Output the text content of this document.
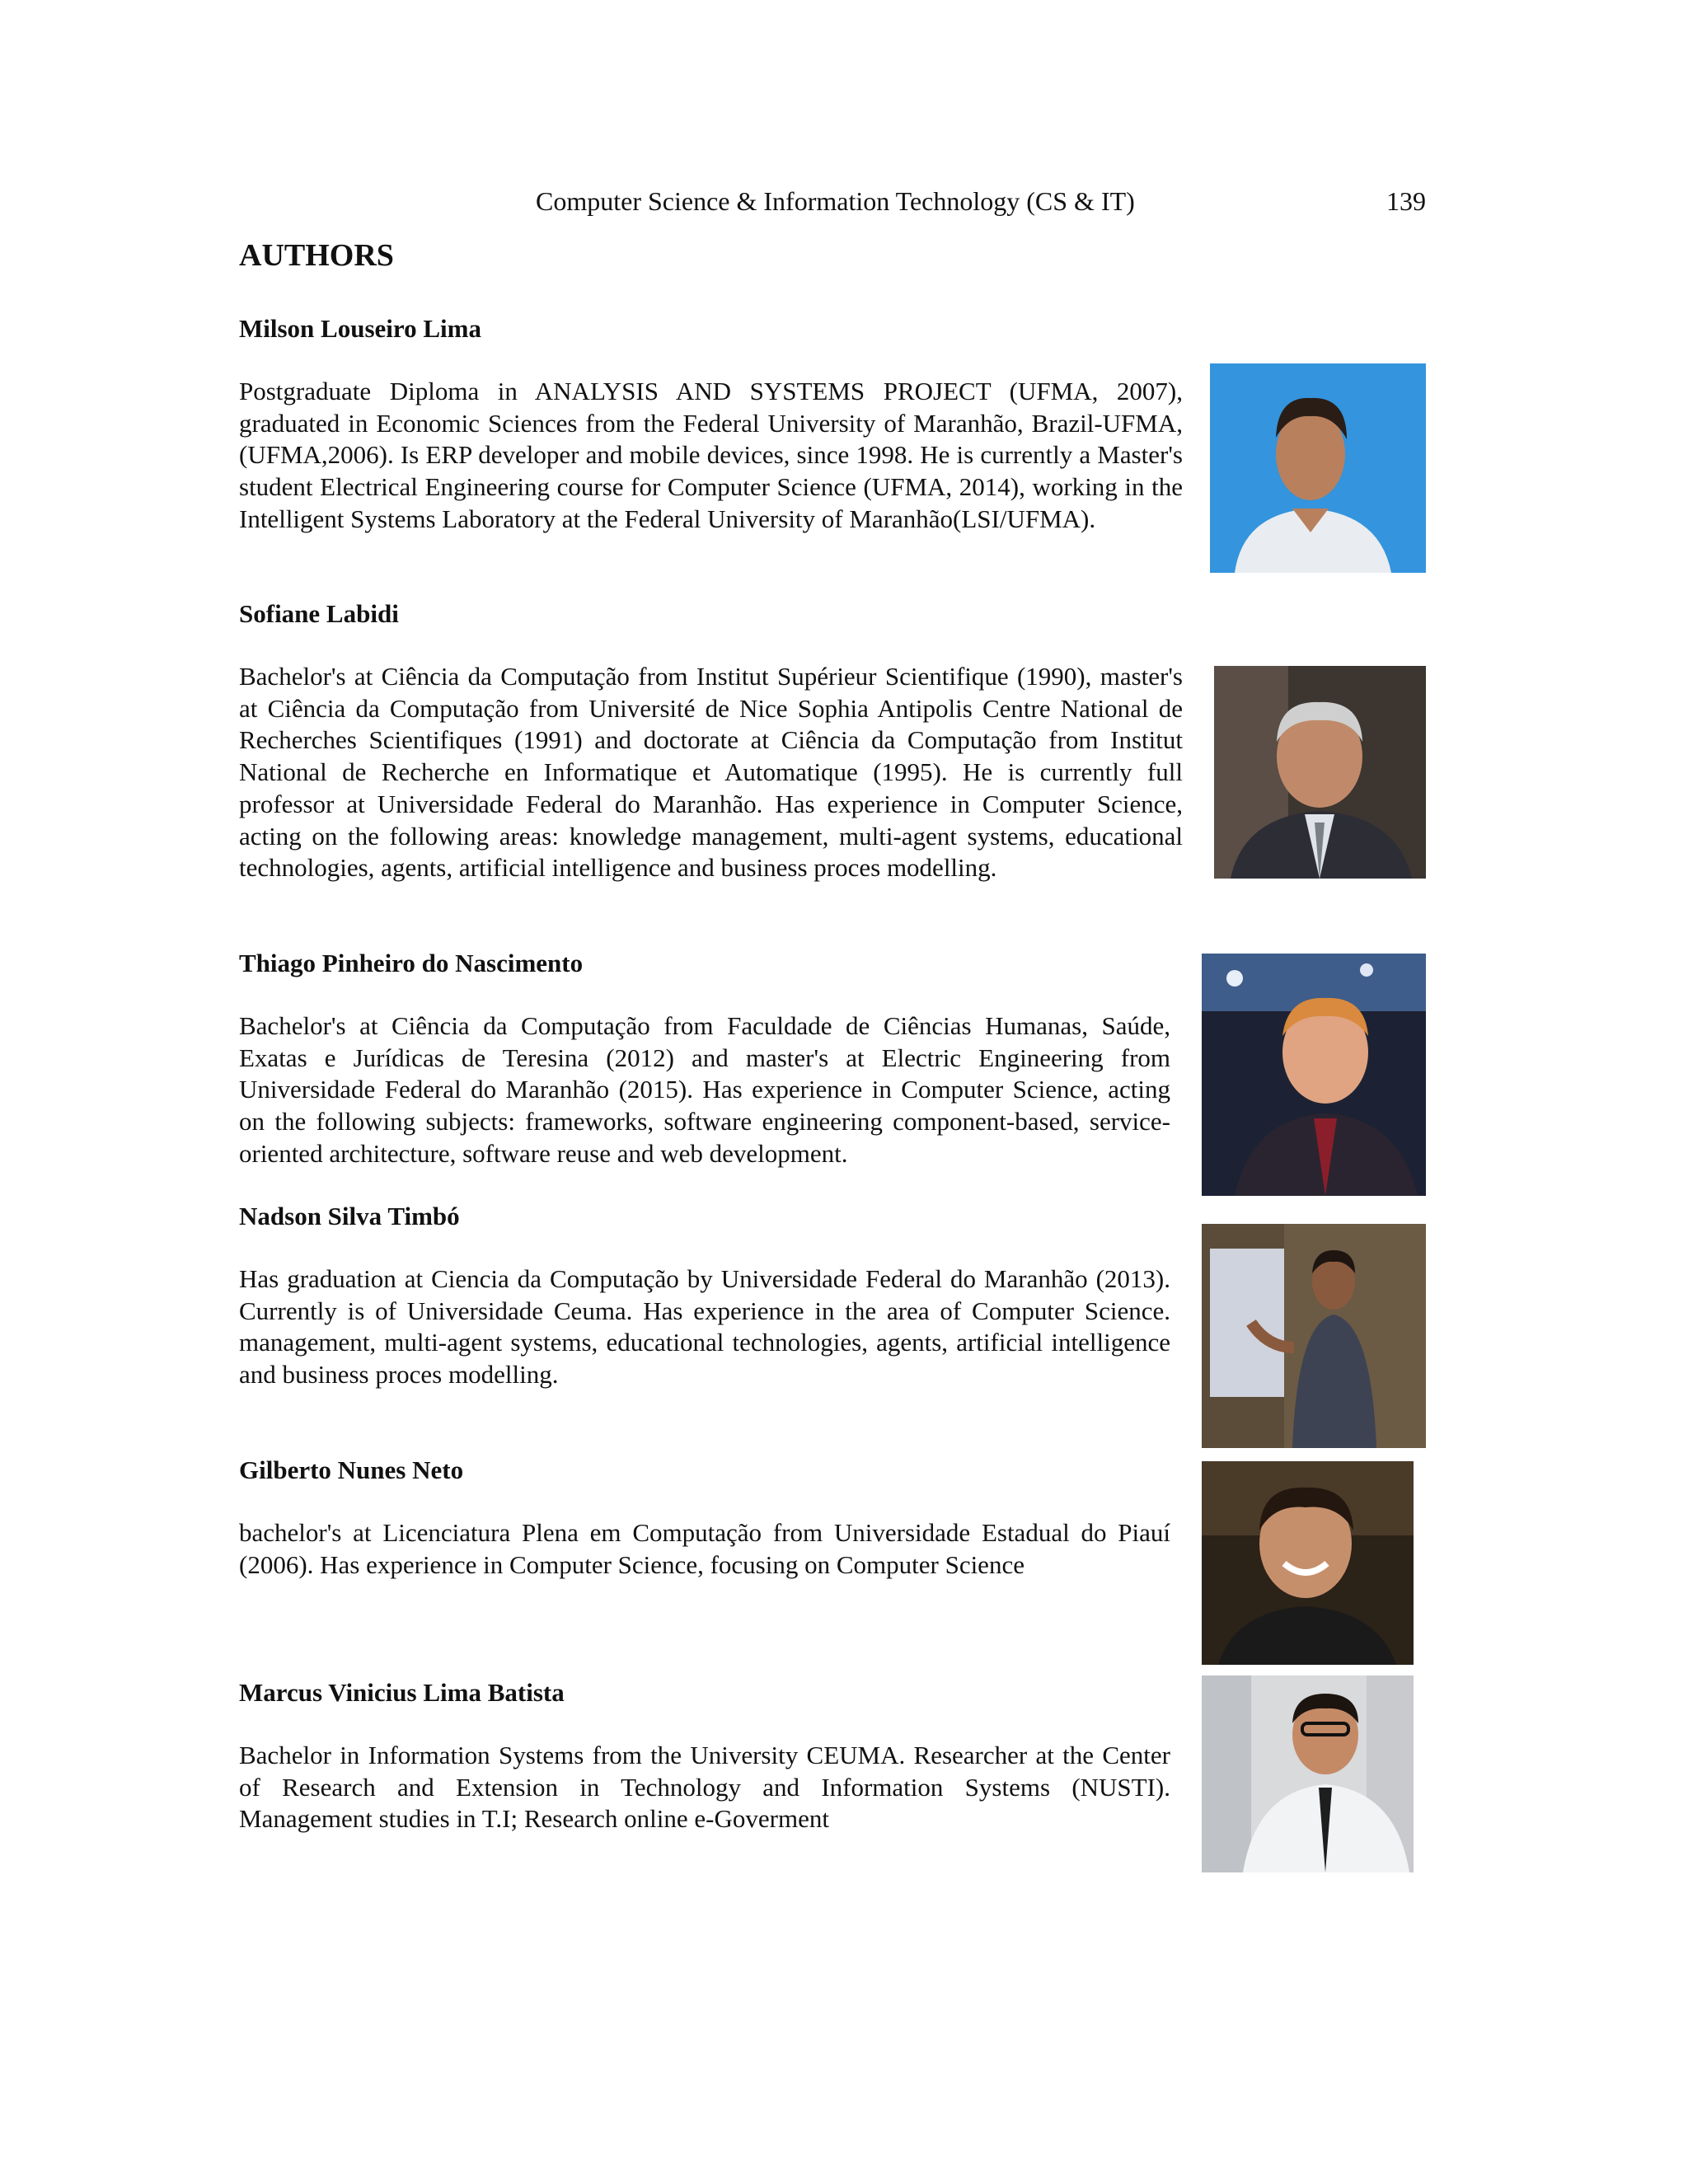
Computer Science & Information Technology (CS & IT)	139
AUTHORS

Milson Louseiro Lima

Postgraduate Diploma in ANALYSIS AND SYSTEMS PROJECT (UFMA, 2007), graduated in Economic Sciences from the Federal University of Maranhão, Brazil-UFMA, (UFMA,2006). Is ERP developer and mobile devices, since 1998. He is currently a Master's student Electrical Engineering course for Computer Science (UFMA, 2014), working in the Intelligent Systems Laboratory at the Federal University of Maranhão(LSI/UFMA).

Sofiane Labidi

Bachelor's at Ciência da Computação from Institut Supérieur Scientifique (1990), master's at Ciência da Computação from Université de Nice Sophia Antipolis Centre National de Recherches Scientifiques (1991) and doctorate at Ciência da Computação from Institut National de Recherche en Informatique et Automatique (1995). He is currently full professor at Universidade Federal do Maranhão. Has experience in Computer Science, acting on the following areas: knowledge management, multi-agent systems, educational technologies, agents, artificial intelligence and business proces modelling.

Thiago Pinheiro do Nascimento

Bachelor's at Ciência da Computação from Faculdade de Ciências Humanas, Saúde, Exatas e Jurídicas de Teresina (2012) and master's at Electric Engineering from Universidade Federal do Maranhão (2015). Has experience in Computer Science, acting on the following subjects: frameworks, software engineering component-based, service-oriented architecture, software reuse and web development.

Nadson Silva Timbó

Has graduation at Ciencia da Computação by Universidade Federal do Maranhão (2013). Currently is of Universidade Ceuma. Has experience in the area of Computer Science. management, multi-agent systems, educational technologies, agents, artificial intelligence and business proces modelling.

Gilberto Nunes Neto

bachelor's at Licenciatura Plena em Computação from Universidade Estadual do Piauí (2006). Has experience in Computer Science, focusing on Computer Science

Marcus Vinicius Lima Batista

Bachelor in Information Systems from the University CEUMA. Researcher at the Center of Research and Extension in Technology and Information Systems (NUSTI). Management studies in T.I; Research online e-Goverment
